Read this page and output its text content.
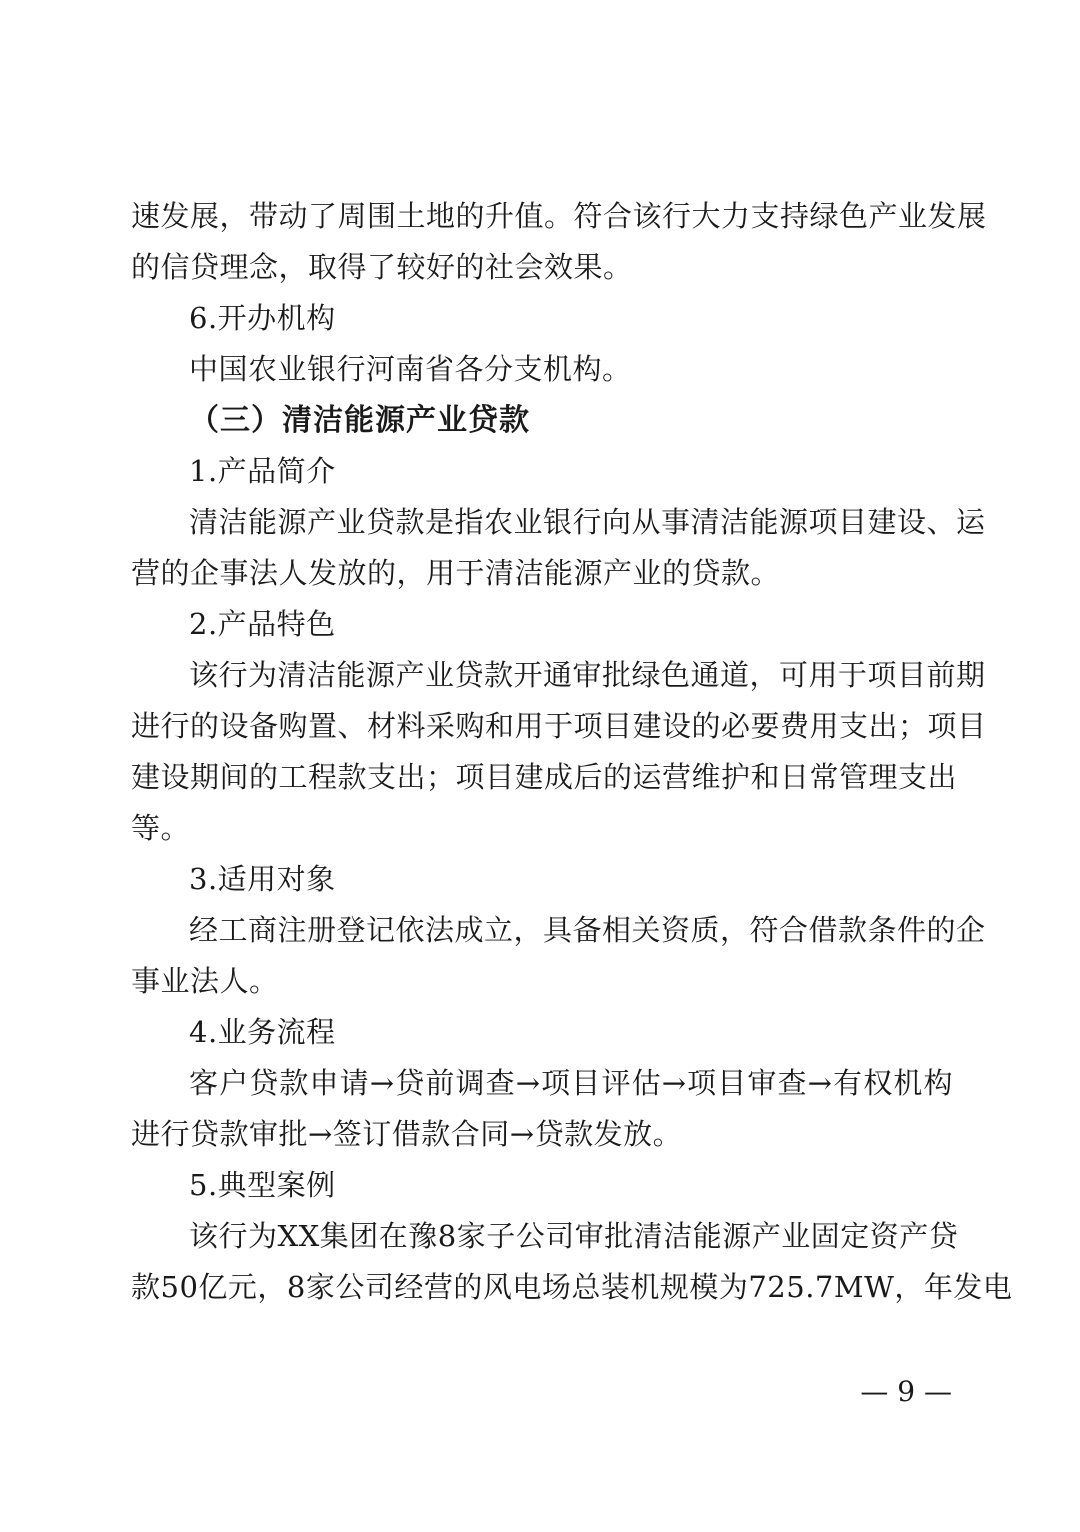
速发展，带动了周围土地的升值。符合该行大力支持绿色产业发展
的信贷理念，取得了较好的社会效果。
6.开办机构
中国农业银行河南省各分支机构。
（三）清洁能源产业贷款
1.产品简介
清洁能源产业贷款是指农业银行向从事清洁能源项目建设、运
营的企事法人发放的，用于清洁能源产业的贷款。
2.产品特色
该行为清洁能源产业贷款开通审批绿色通道，可用于项目前期
进行的设备购置、材料采购和用于项目建设的必要费用支出；项目
建设期间的工程款支出；项目建成后的运营维护和日常管理支出
等。
3.适用对象
经工商注册登记依法成立，具备相关资质，符合借款条件的企
事业法人。
4.业务流程
客户贷款申请→贷前调查→项目评估→项目审查→有权机构
进行贷款审批→签订借款合同→贷款发放。
5.典型案例
该行为XX集团在豫8家子公司审批清洁能源产业固定资产贷
款50亿元，8家公司经营的风电场总装机规模为725.7MW，年发电
— 9 —
